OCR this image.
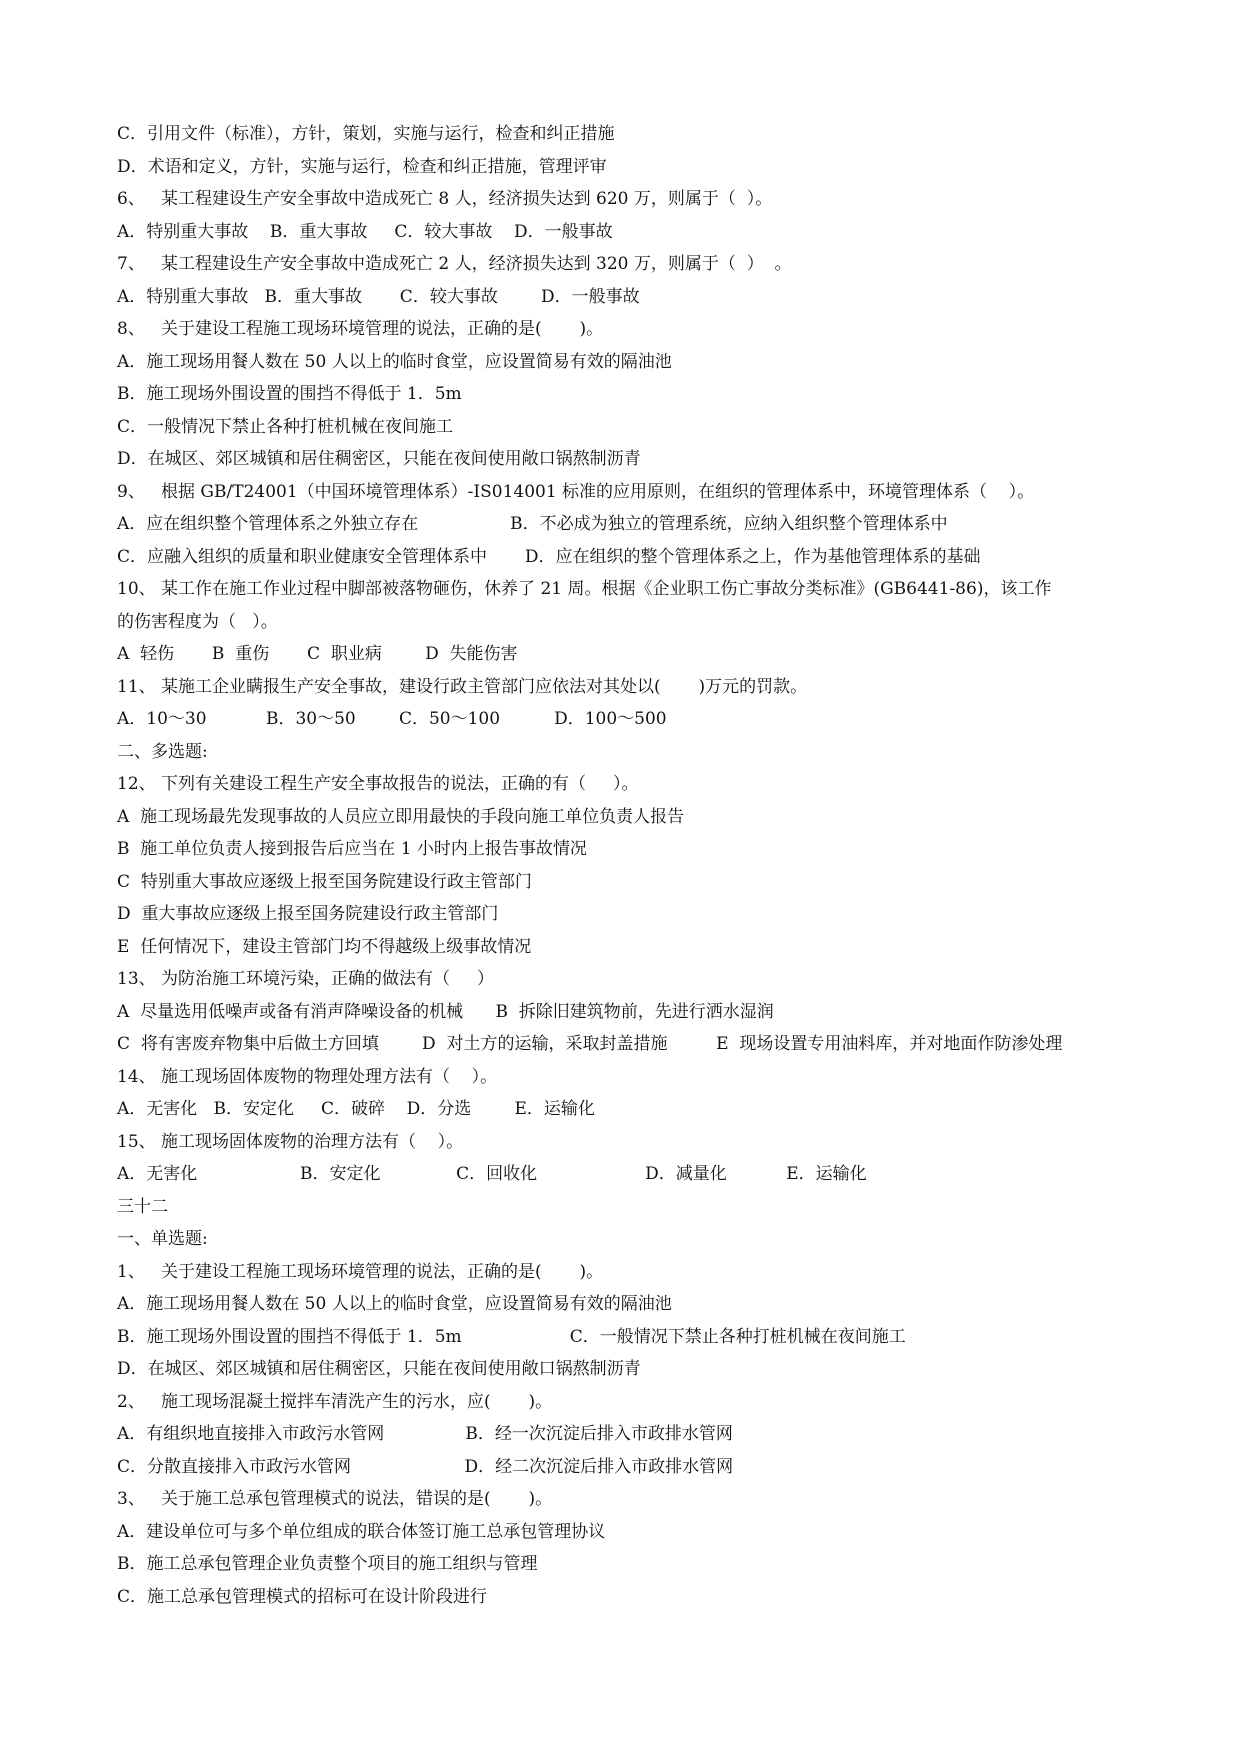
C．引用文件（标准），方针，策划，实施与运行，检查和纠正措施
D．术语和定义，方针，实施与运行，检查和纠正措施，管理评审
6、   某工程建设生产安全事故中造成死亡 8 人，经济损失达到 620 万，则属于（  ）。
A．特别重大事故    B．重大事故     C．较大事故    D．一般事故
7、   某工程建设生产安全事故中造成死亡 2 人，经济损失达到 320 万，则属于（  ）  。
A．特别重大事故   B．重大事故       C．较大事故        D．一般事故
8、   关于建设工程施工现场环境管理的说法，正确的是(       )。
A．施工现场用餐人数在 50 人以上的临时食堂，应设置简易有效的隔油池
B．施工现场外围设置的围挡不得低于 1．5m
C．一般情况下禁止各种打桩机械在夜间施工
D．在城区、郊区城镇和居住稠密区，只能在夜间使用敞口锅熬制沥青
9、   根据 GB/T24001（中国环境管理体系）-IS014001 标准的应用原则，在组织的管理体系中，环境管理体系（    ）。
A．应在组织整个管理体系之外独立存在                 B．不必成为独立的管理系统，应纳入组织整个管理体系中
C．应融入组织的质量和职业健康安全管理体系中       D．应在组织的整个管理体系之上，作为基他管理体系的基础
10、 某工作在施工作业过程中脚部被落物砸伤，休养了 21 周。根据《企业职工伤亡事故分类标准》(GB6441-86)，该工作
的伤害程度为（   ）。
A  轻伤       B  重伤       C  职业病        D  失能伤害
11、 某施工企业瞒报生产安全事故，建设行政主管部门应依法对其处以(       )万元的罚款。
A．10～30           B．30～50        C．50～100          D．100～500
二、多选题:
12、 下列有关建设工程生产安全事故报告的说法，正确的有（     ）。
A  施工现场最先发现事故的人员应立即用最快的手段向施工单位负责人报告
B  施工单位负责人接到报告后应当在 1 小时内上报告事故情况
C  特别重大事故应逐级上报至国务院建设行政主管部门
D  重大事故应逐级上报至国务院建设行政主管部门
E  任何情况下，建设主管部门均不得越级上级事故情况
13、 为防治施工环境污染，正确的做法有（     ）
A  尽量选用低噪声或备有消声降噪设备的机械      B  拆除旧建筑物前，先进行洒水湿润
C  将有害废弃物集中后做土方回填        D  对土方的运输，采取封盖措施         E  现场设置专用油料库，并对地面作防渗处理
14、 施工现场固体废物的物理处理方法有（    ）。
A．无害化   B．安定化     C．破碎    D．分选        E．运输化
15、 施工现场固体废物的治理方法有（    ）。
A．无害化                   B．安定化              C．回收化                    D．减量化           E．运输化
三十二
一、单选题:
1、   关于建设工程施工现场环境管理的说法，正确的是(       )。
A．施工现场用餐人数在 50 人以上的临时食堂，应设置简易有效的隔油池
B．施工现场外围设置的围挡不得低于 1．5m                    C．一般情况下禁止各种打桩机械在夜间施工
D．在城区、郊区城镇和居住稠密区，只能在夜间使用敞口锅熬制沥青
2、   施工现场混凝土搅拌车清洗产生的污水，应(       )。
A．有组织地直接排入市政污水管网               B．经一次沉淀后排入市政排水管网
C．分散直接排入市政污水管网                     D．经二次沉淀后排入市政排水管网
3、   关于施工总承包管理模式的说法，错误的是(       )。
A．建设单位可与多个单位组成的联合体签订施工总承包管理协议
B．施工总承包管理企业负责整个项目的施工组织与管理
C．施工总承包管理模式的招标可在设计阶段进行
